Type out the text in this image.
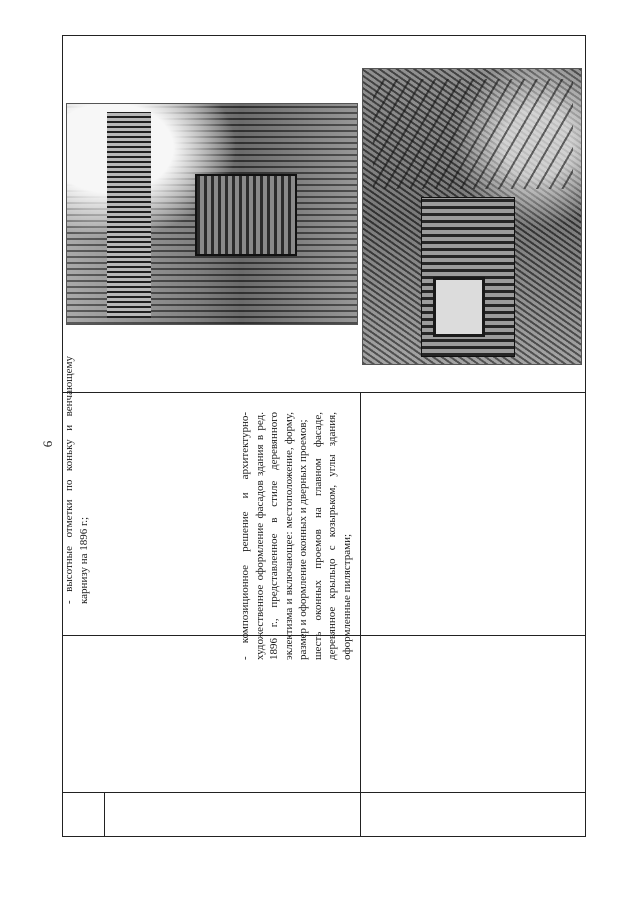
6 - высотные отметки по коньку и венчающему карнизу на 1896 г.;	- композиционное решение и архитектурно-художественное оформление фасадов здания в ред. 1896 г., представленное в стиле деревянного эклектизма и включающее: местоположение, форму, размер и оформление оконных и дверных проемов; шесть оконных проемов на главном фасаде, деревянное крыльцо с козырьком, углы здания, оформленные пилястрами;
